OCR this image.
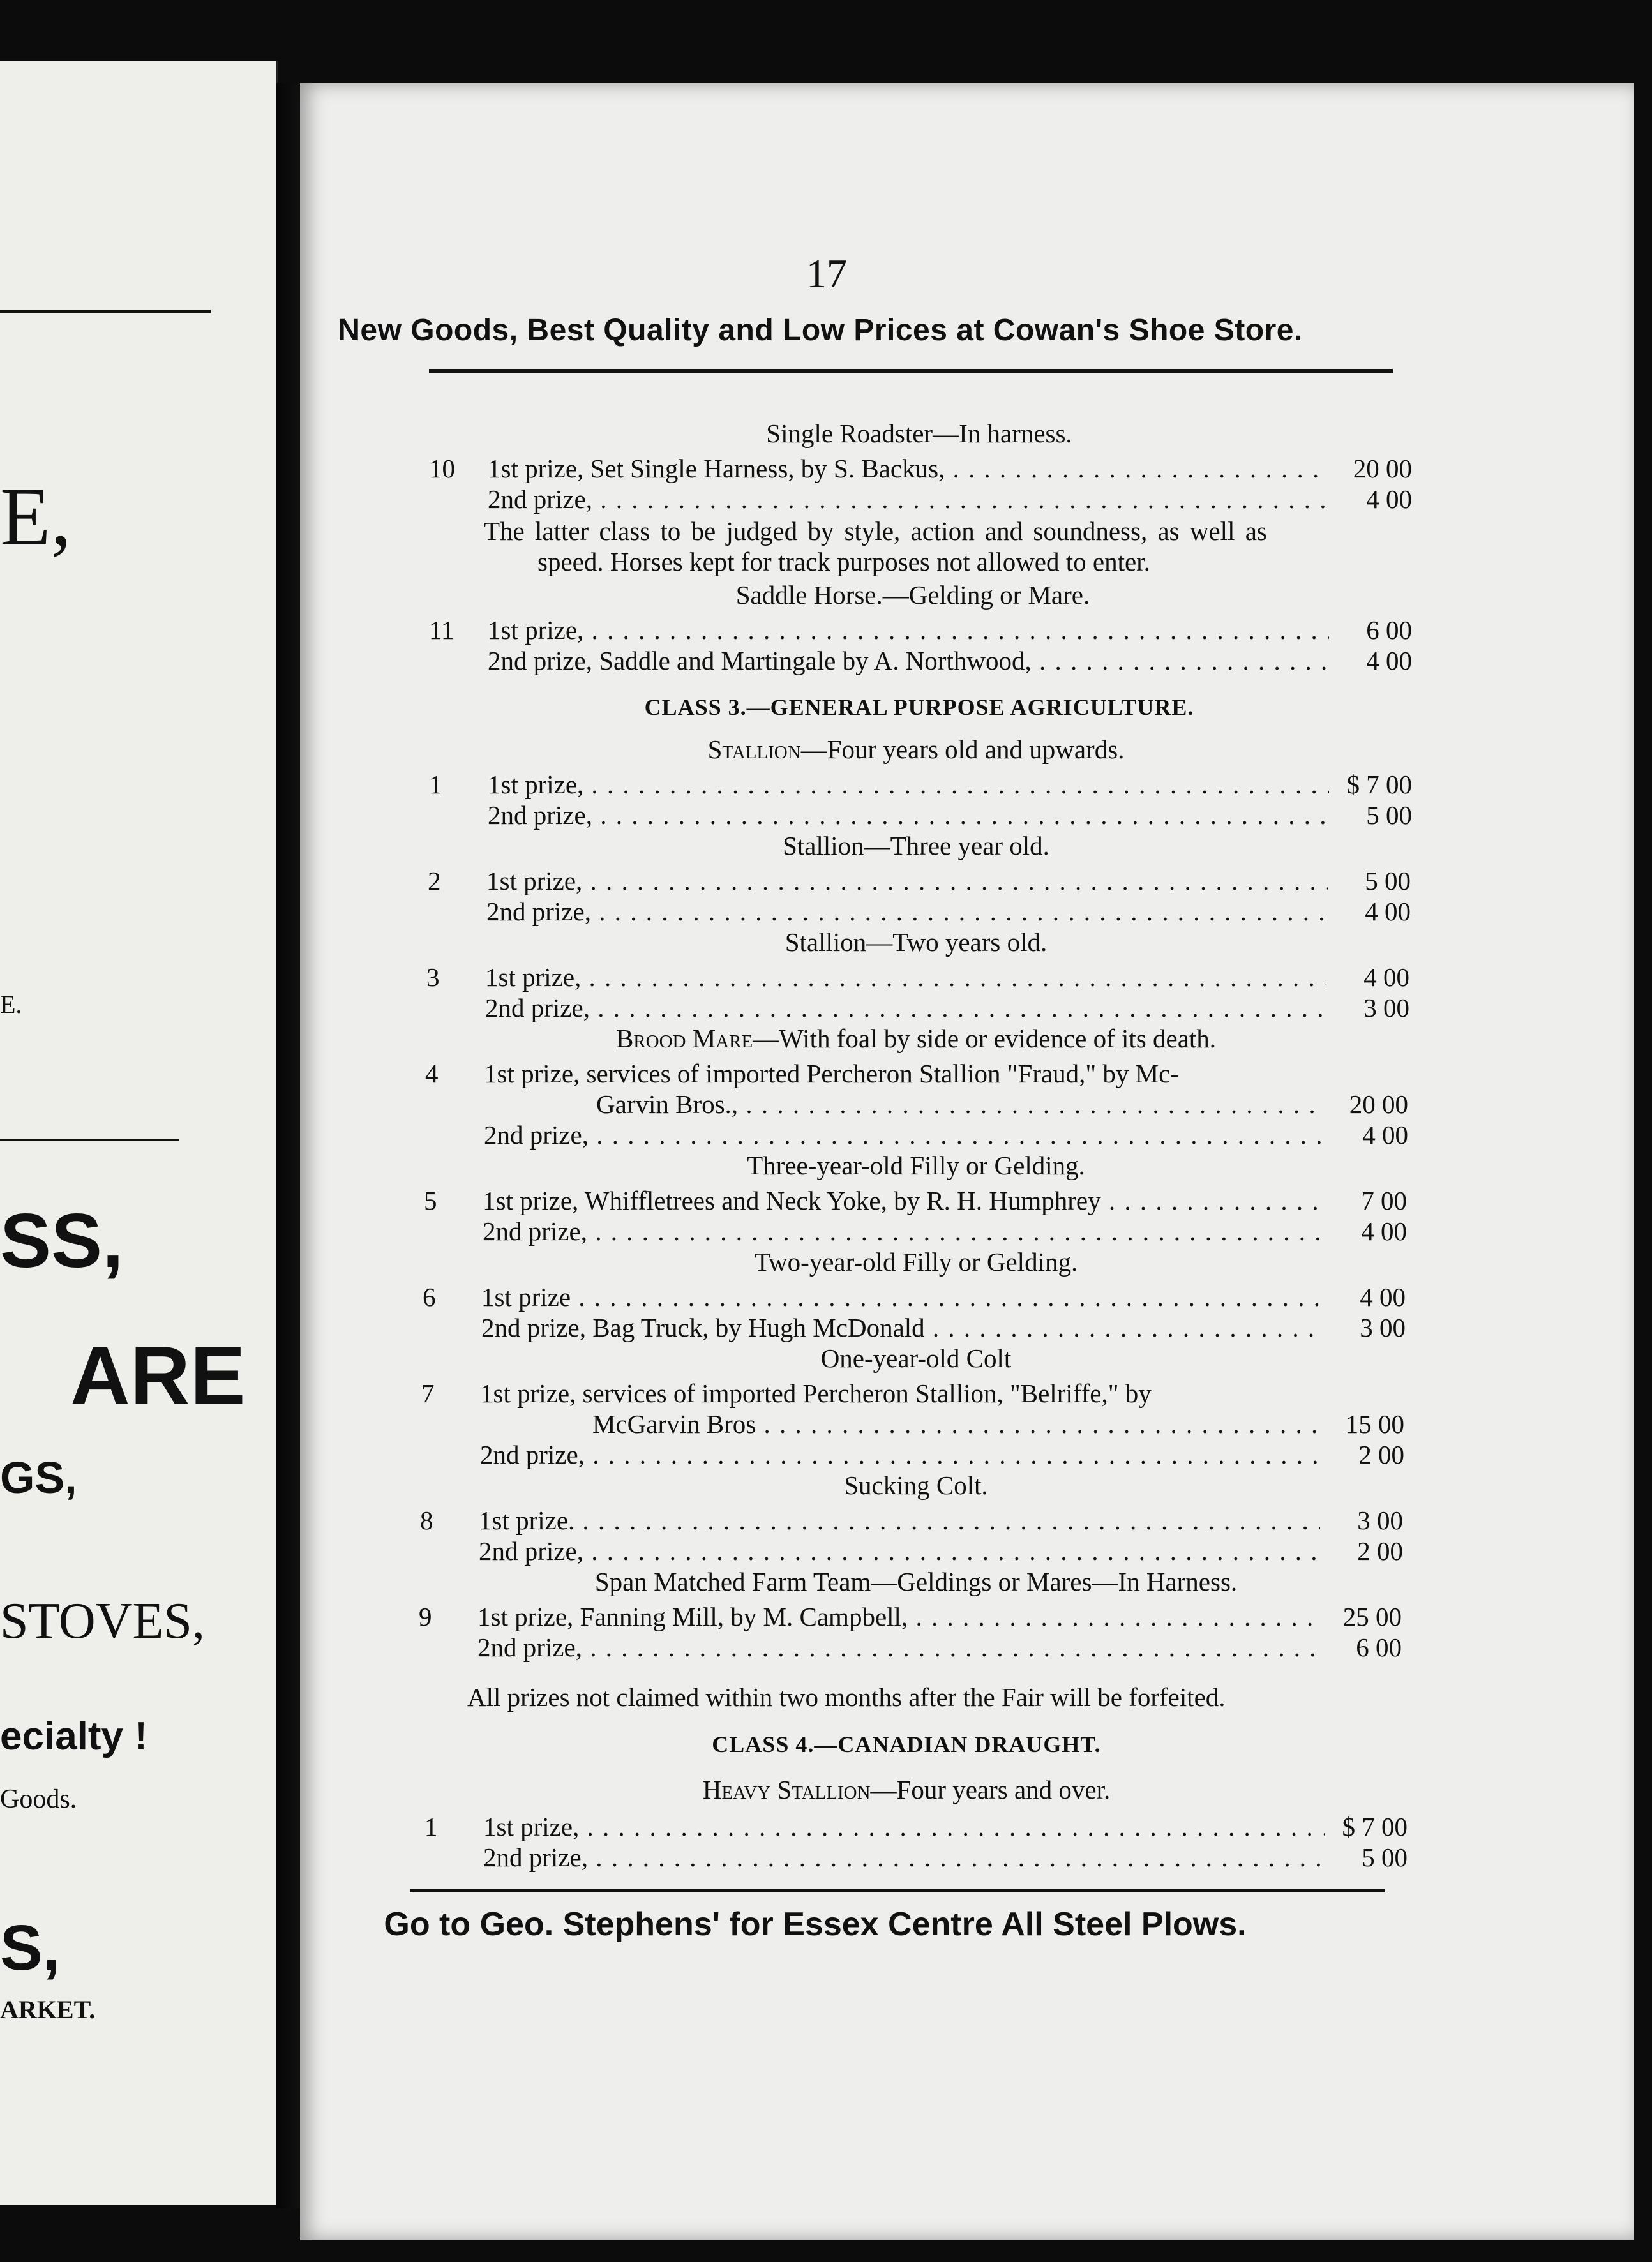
E,
E.
SS,
ARE
GS,
STOVES,
ecialty !
Goods.
S,
ARKET.
17
New Goods, Best Quality and Low Prices at Cowan's Shoe Store.
Single Roadster—In harness.
10	1st prize, Set Single Harness, by S. Backus, . . .	20 00
2nd prize, . . .	4 00
The latter class to be judged by style, action and soundness, as well as
speed. Horses kept for track purposes not allowed to enter.
Saddle Horse.—Gelding or Mare.
11	1st prize, . . .	6 00
2nd prize, Saddle and Martingale by A. Northwood, . . .	4 00
CLASS 3.—GENERAL PURPOSE AGRICULTURE.
Stallion—Four years old and upwards.
1	1st prize, . . .	$ 7 00
2nd prize, . . .	5 00
Stallion—Three year old.
2	1st prize, . . .	5 00
2nd prize, . . .	4 00
Stallion—Two years old.
3	1st prize, . . .	4 00
2nd prize, . . .	3 00
Brood Mare—With foal by side or evidence of its death.
4	1st prize, services of imported Percheron Stallion "Fraud," by Mc-
Garvin Bros., . . .	20 00
2nd prize, . . .	4 00
Three-year-old Filly or Gelding.
5	1st prize, Whiffletrees and Neck Yoke, by R. H. Humphrey . . .	7 00
2nd prize, . . .	4 00
Two-year-old Filly or Gelding.
6	1st prize . . .	4 00
2nd prize, Bag Truck, by Hugh McDonald . . .	3 00
One-year-old Colt
7	1st prize, services of imported Percheron Stallion, "Belriffe," by
McGarvin Bros . . .	15 00
2nd prize, . . .	2 00
Sucking Colt.
8	1st prize. . . .	3 00
2nd prize, . . .	2 00
Span Matched Farm Team—Geldings or Mares—In Harness.
9	1st prize, Fanning Mill, by M. Campbell, . . .	25 00
2nd prize, . . .	6 00
All prizes not claimed within two months after the Fair will be forfeited.
CLASS 4.—CANADIAN DRAUGHT.
Heavy Stallion—Four years and over.
1	1st prize, . . .	$ 7 00
2nd prize, . . .	5 00
Go to Geo. Stephens' for Essex Centre All Steel Plows.
